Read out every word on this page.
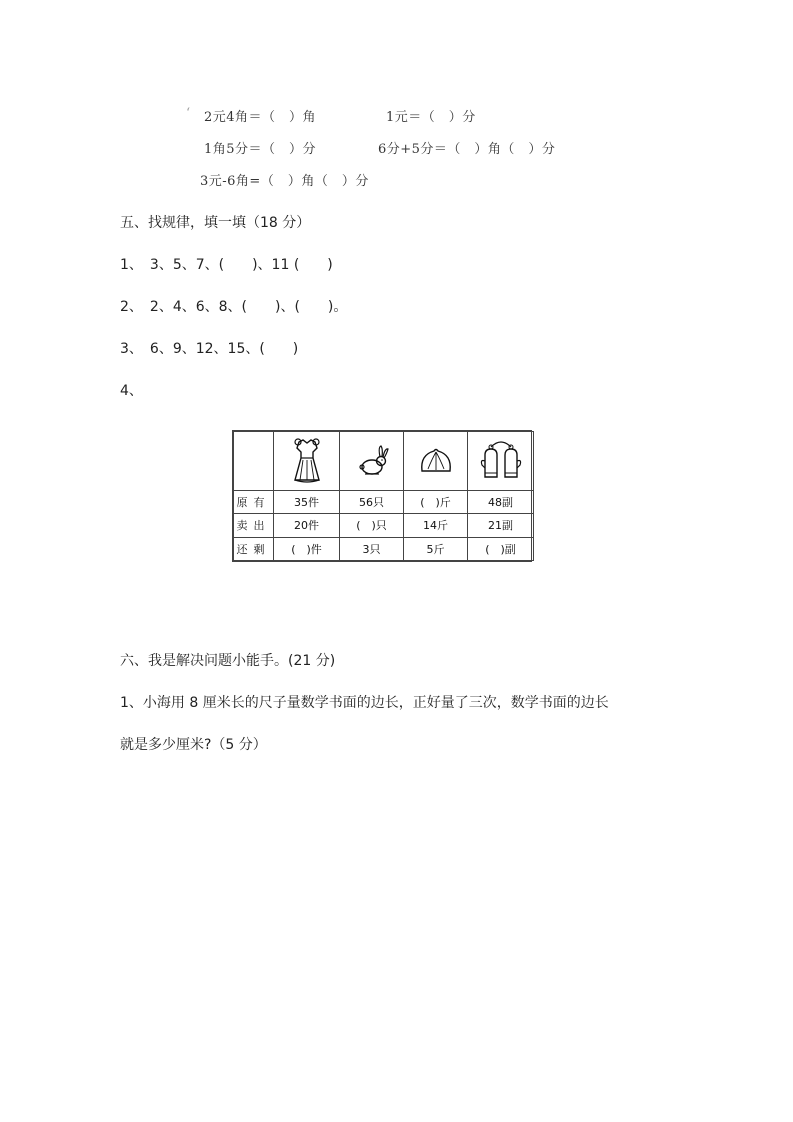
‘ 2元4角＝（　）角	1元＝（　）分
1角5分＝（　）分	6分+5分＝（　）角（　）分
3元-6角=（　）角（　）分
五、找规律，填一填（18 分）
1、　3、5、7、(　　)、11 (　　)
2、　2、4、6、8、(　　)、(　　)。
3、　6、9、12、15、(　　)
4、

原有	35件	56只	(　)斤	48副
卖出	20件	(　)只	14斤	21副
还剩	(　)件	3只	5斤	(　)副
六、我是解决问题小能手。(21 分)
1、小海用 8 厘米长的尺子量数学书面的边长，正好量了三次，数学书面的边长
就是多少厘米?（5 分）
